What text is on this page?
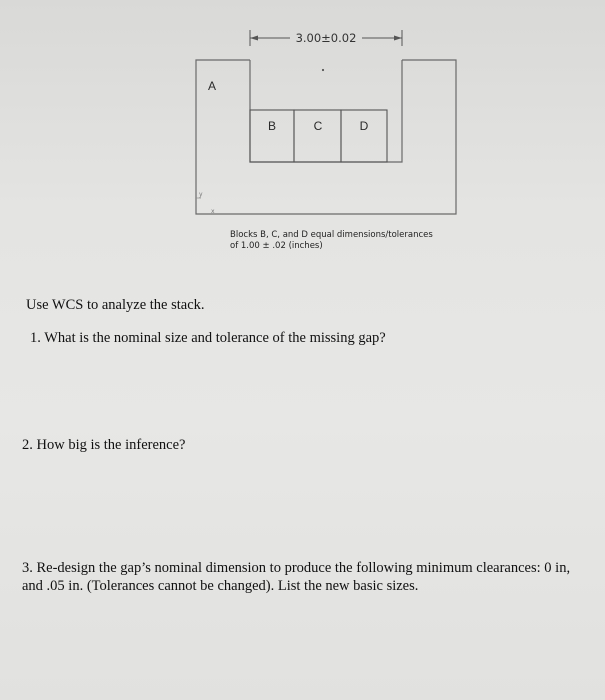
3.00±0.02
A
B	C	D
y
x
Blocks B, C, and D equal dimensions/tolerances
of 1.00 ± .02 (inches)

Use WCS to analyze the stack.

1. What is the nominal size and tolerance of the missing gap?

2. How big is the inference?

3. Re-design the gap’s nominal dimension to produce the following minimum clearances: 0 in,
and .05 in. (Tolerances cannot be changed). List the new basic sizes.
